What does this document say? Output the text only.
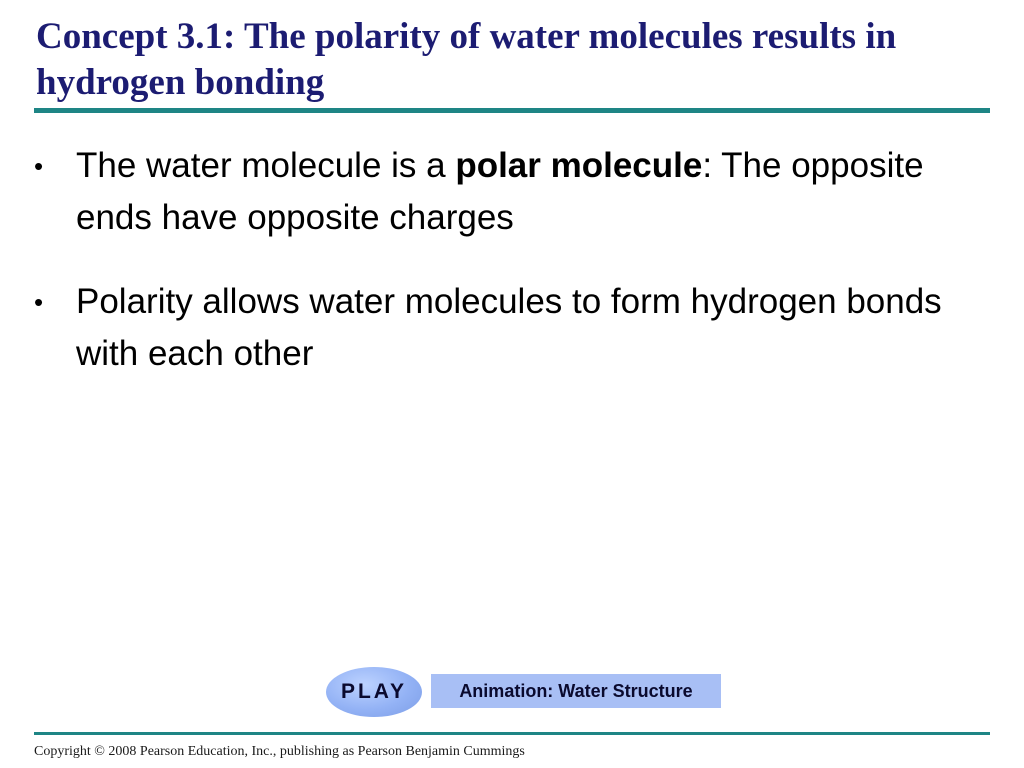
Concept 3.1: The polarity of water molecules results in hydrogen bonding
• The water molecule is a polar molecule: The opposite ends have opposite charges
• Polarity allows water molecules to form hydrogen bonds with each other
PLAY	Animation: Water Structure
Copyright © 2008 Pearson Education, Inc., publishing as Pearson Benjamin Cummings
